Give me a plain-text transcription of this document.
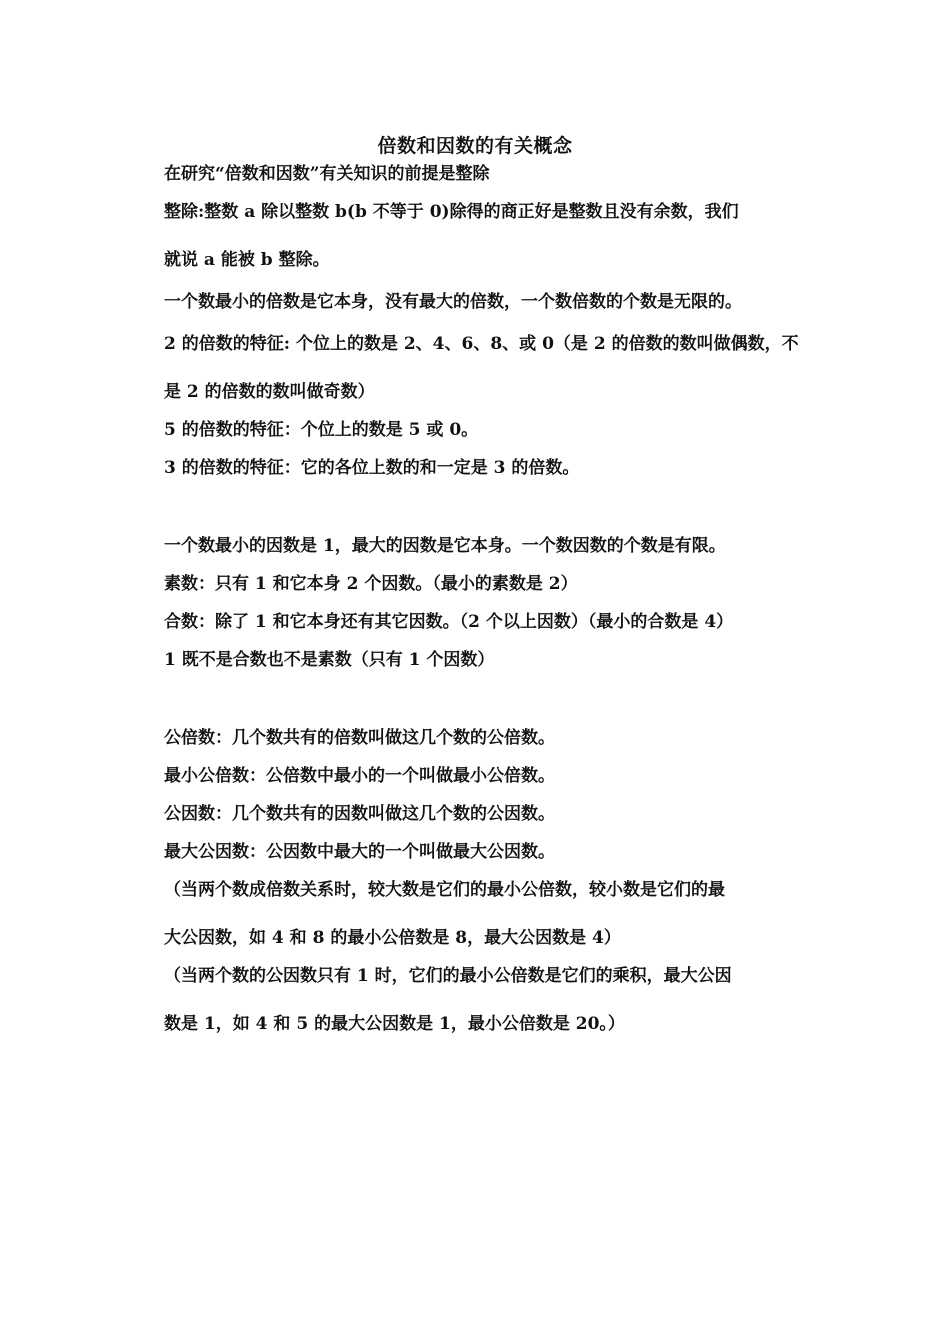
倍数和因数的有关概念
在研究“倍数和因数”有关知识的前提是整除
整除:整数 a 除以整数 b(b 不等于 0)除得的商正好是整数且没有余数，我们
就说 a 能被 b 整除。
一个数最小的倍数是它本身，没有最大的倍数，一个数倍数的个数是无限的。
2 的倍数的特征: 个位上的数是 2、4、6、8、或 0（是 2 的倍数的数叫做偶数，不
是 2 的倍数的数叫做奇数）
5 的倍数的特征：个位上的数是 5 或 0。
3 的倍数的特征：它的各位上数的和一定是 3 的倍数。
一个数最小的因数是 1，最大的因数是它本身。一个数因数的个数是有限。
素数：只有 1 和它本身 2 个因数。（最小的素数是 2）
合数：除了 1 和它本身还有其它因数。（2 个以上因数）（最小的合数是 4）
1 既不是合数也不是素数（只有 1 个因数）
公倍数：几个数共有的倍数叫做这几个数的公倍数。
最小公倍数：公倍数中最小的一个叫做最小公倍数。
公因数：几个数共有的因数叫做这几个数的公因数。
最大公因数：公因数中最大的一个叫做最大公因数。
（当两个数成倍数关系时，较大数是它们的最小公倍数，较小数是它们的最
大公因数，如 4 和 8 的最小公倍数是 8，最大公因数是 4）
（当两个数的公因数只有 1 时，它们的最小公倍数是它们的乘积，最大公因
数是 1，如 4 和 5 的最大公因数是 1，最小公倍数是 20。）
